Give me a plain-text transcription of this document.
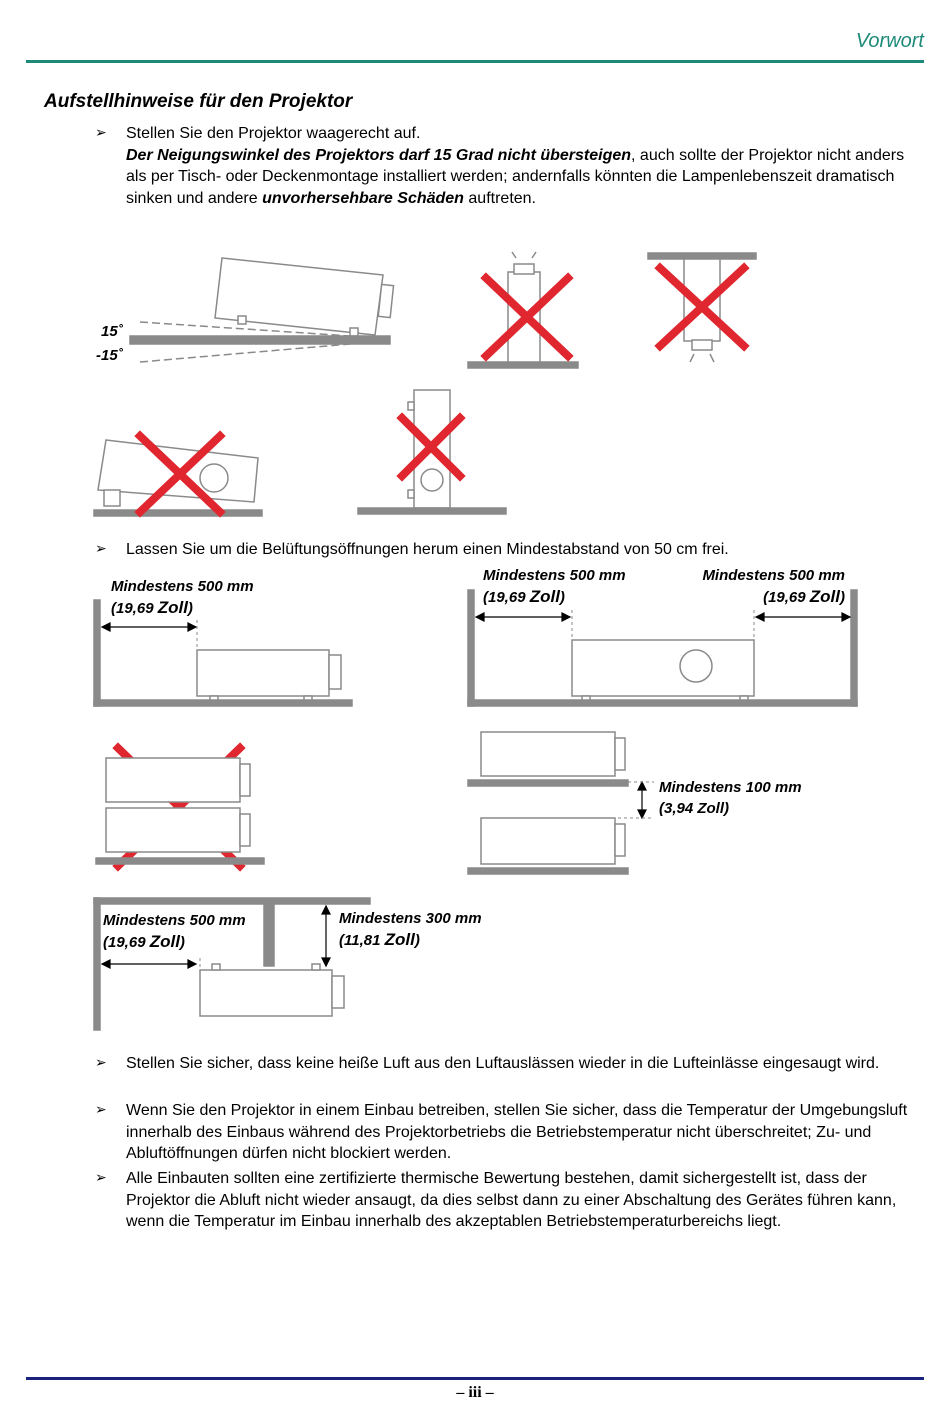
Vorwort
Aufstellhinweise für den Projektor
➢ Stellen Sie den Projektor waagerecht auf.
Der Neigungswinkel des Projektors darf 15 Grad nicht übersteigen, auch sollte der Projektor nicht anders als per Tisch- oder Deckenmontage installiert werden; andernfalls könnten die Lampenlebenszeit dramatisch sinken und andere unvorhersehbare Schäden auftreten.
15˚
-15˚
➢ Lassen Sie um die Belüftungsöffnungen herum einen Mindestabstand von 50 cm frei.
Mindestens 500 mm
(19,69 Zoll)
Mindestens 500 mm
(19,69 Zoll)
Mindestens 500 mm
(19,69 Zoll)
Mindestens 100 mm
(3,94 Zoll)
Mindestens 500 mm
(19,69 Zoll)
Mindestens 300 mm
(11,81 Zoll)
➢ Stellen Sie sicher, dass keine heiße Luft aus den Luftauslässen wieder in die Lufteinlässe eingesaugt wird.
➢ Wenn Sie den Projektor in einem Einbau betreiben, stellen Sie sicher, dass die Temperatur der Umgebungsluft innerhalb des Einbaus während des Projektorbetriebs die Betriebstemperatur nicht überschreitet; Zu- und Abluftöffnungen dürfen nicht blockiert werden.
➢ Alle Einbauten sollten eine zertifizierte thermische Bewertung bestehen, damit sichergestellt ist, dass der Projektor die Abluft nicht wieder ansaugt, da dies selbst dann zu einer Abschaltung des Gerätes führen kann, wenn die Temperatur im Einbau innerhalb des akzeptablen Betriebstemperaturbereichs liegt.
– iii –
